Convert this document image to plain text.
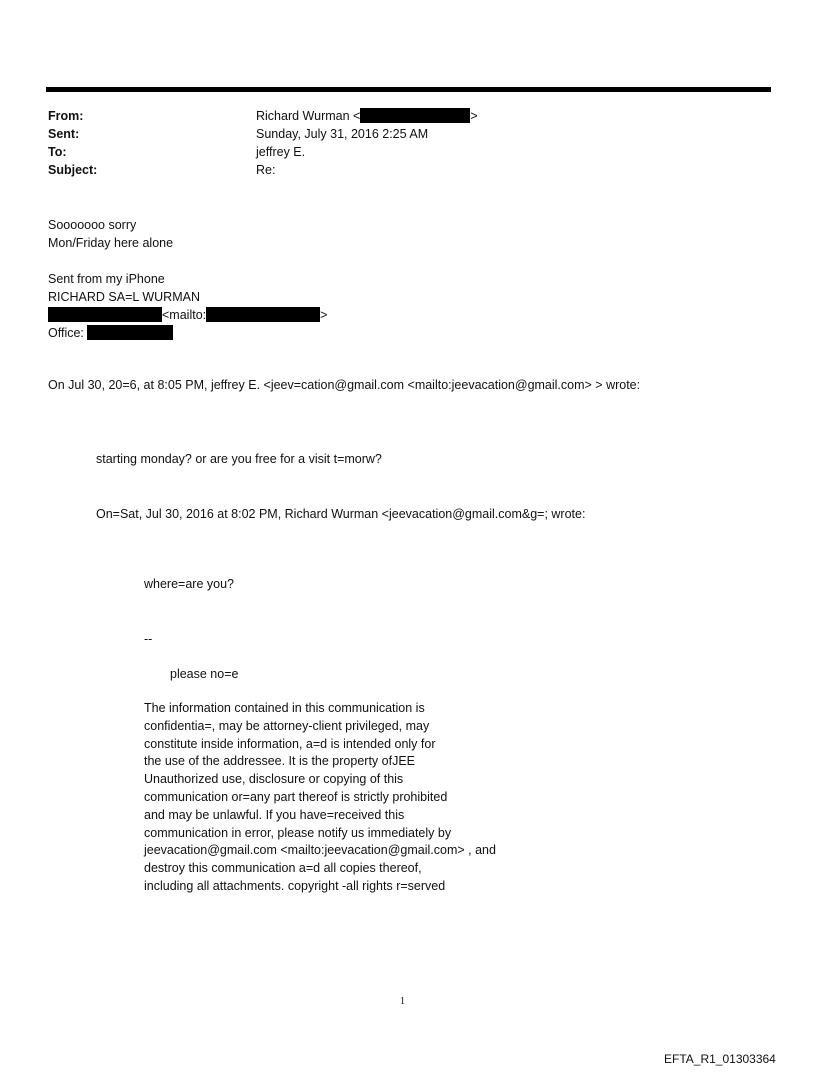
From:	Richard Wurman <	>
Sent:	Sunday, July 31, 2016 2:25 AM
To:	jeffrey E.
Subject:	Re:
Sooooooo sorry
Mon/Friday here alone
Sent from my iPhone
RICHARD SA=L WURMAN
<mailto:	>
Office:
On Jul 30, 20=6, at 8:05 PM, jeffrey E. <jeev=cation@gmail.com <mailto:jeevacation@gmail.com> > wrote:
starting monday? or are you free for a visit t=morw?
On=Sat, Jul 30, 2016 at 8:02 PM, Richard Wurman <jeevacation@gmail.com&g=; wrote:
where=are you?
--
please no=e
The information contained in this communication is
confidentia=, may be attorney-client privileged, may
constitute inside information, a=d is intended only for
the use of the addressee. It is the property ofJEE
Unauthorized use, disclosure or copying of this
communication or=any part thereof is strictly prohibited
and may be unlawful. If you have=received this
communication in error, please notify us immediately by
jeevacation@gmail.com <mailto:jeevacation@gmail.com> , and
destroy this communication a=d all copies thereof,
including all attachments. copyright -all rights r=served
1
EFTA_R1_01303364
